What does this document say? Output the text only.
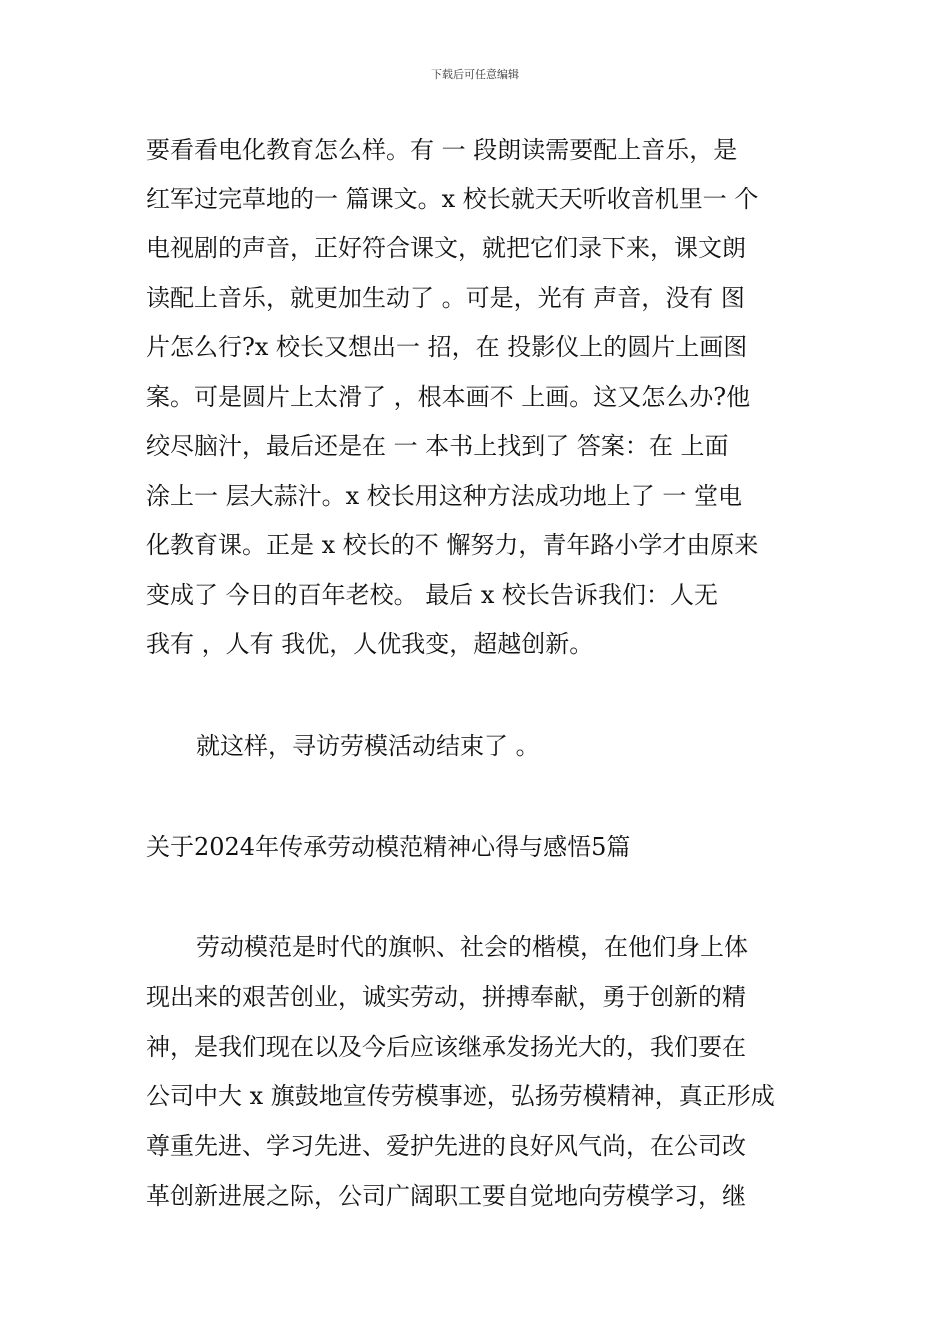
下载后可任意编辑
要看看电化教育怎么样。有 一 段朗读需要配上音乐，是
红军过完草地的一 篇课文。x 校长就天天听收音机里一 个
电视剧的声音，正好符合课文，就把它们录下来，课文朗
读配上音乐，就更加生动了 。可是，光有 声音，没有 图
片怎么行?x 校长又想出一 招，在 投影仪上的圆片上画图
案。可是圆片上太滑了 ，根本画不 上画。这又怎么办?他
绞尽脑汁，最后还是在 一 本书上找到了 答案：在 上面
涂上一 层大蒜汁。x 校长用这种方法成功地上了 一 堂电
化教育课。正是 x 校长的不 懈努力，青年路小学才由原来
变成了 今日的百年老校。 最后 x 校长告诉我们：人无
我有 ，人有 我优，人优我变，超越创新。
就这样，寻访劳模活动结束了 。
关于2024年传承劳动模范精神心得与感悟5篇
劳动模范是时代的旗帜、社会的楷模，在他们身上体
现出来的艰苦创业，诚实劳动，拼搏奉献，勇于创新的精
神，是我们现在以及今后应该继承发扬光大的，我们要在
公司中大 x 旗鼓地宣传劳模事迹，弘扬劳模精神，真正形成
尊重先进、学习先进、爱护先进的良好风气尚，在公司改
革创新进展之际，公司广阔职工要自觉地向劳模学习，继
